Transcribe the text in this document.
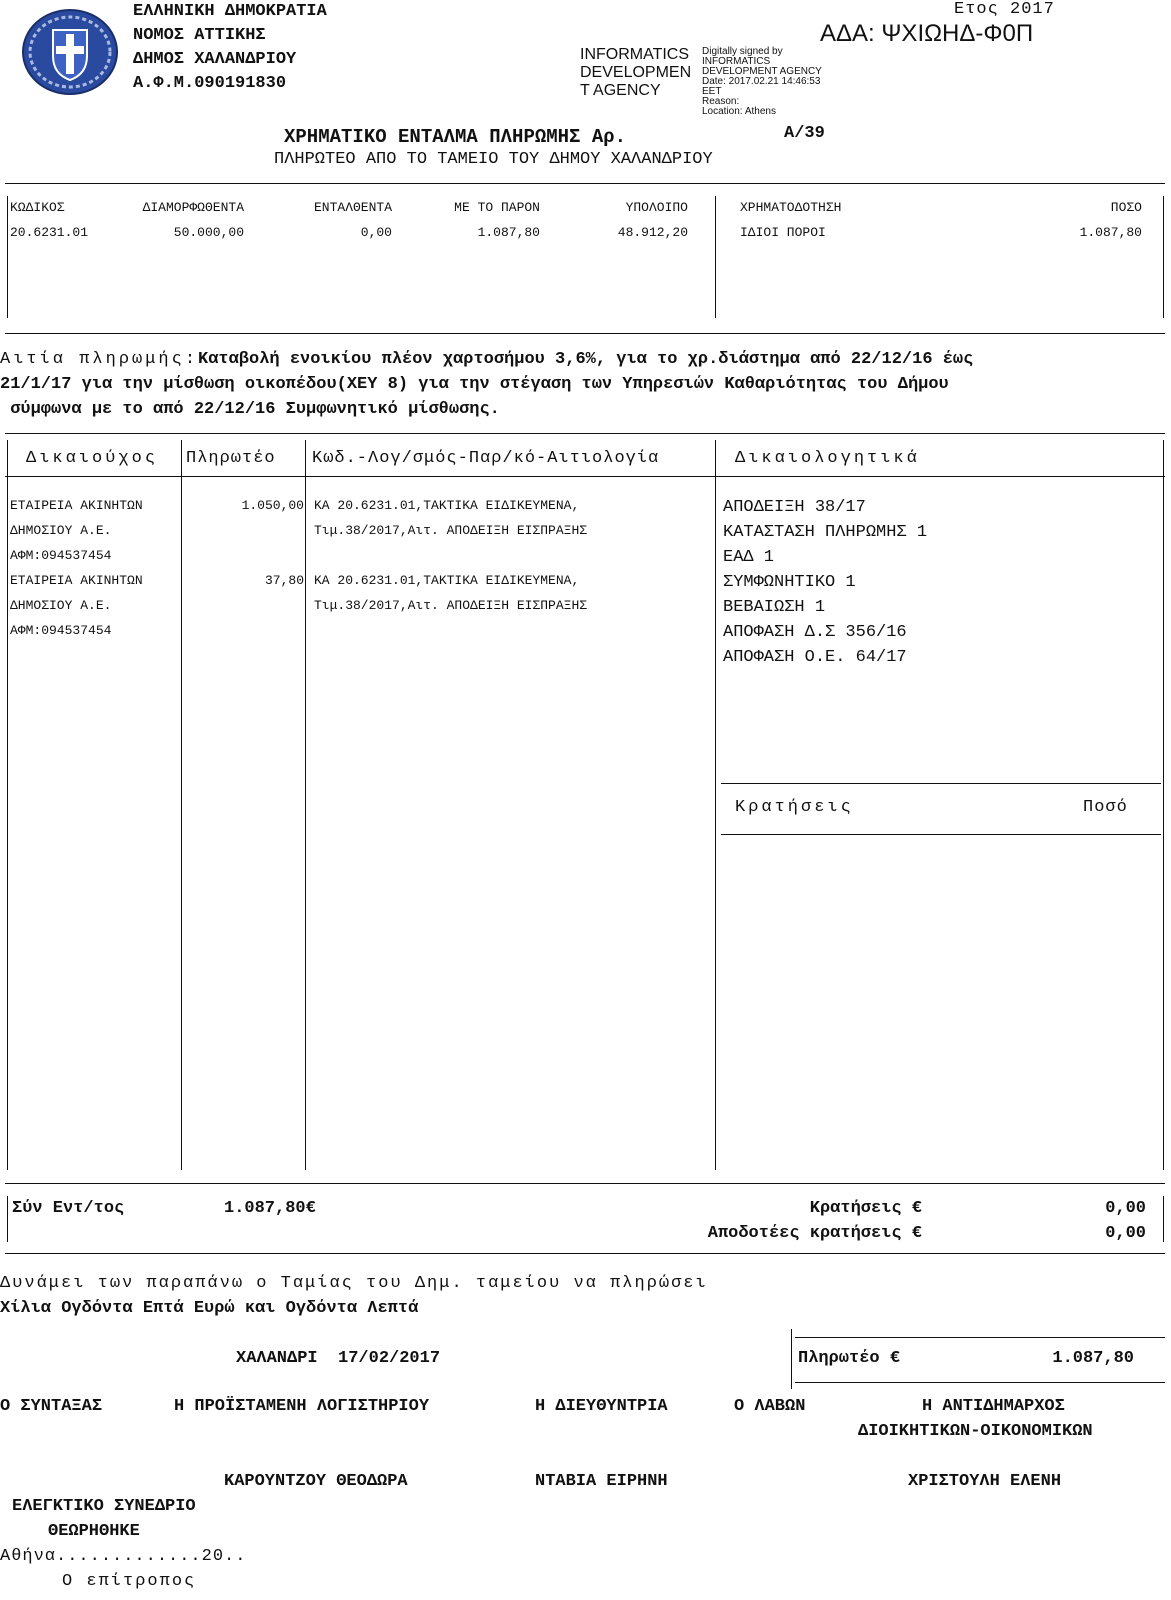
ΕΛΛΗΝΙΚΗ ΔΗΜΟΚΡΑΤΙΑ
ΝΟΜΟΣ ΑΤΤΙΚΗΣ
ΔΗΜΟΣ ΧΑΛΑΝΔΡΙΟΥ
Α.Φ.Μ.090191830
Ετος 2017
ΑΔΑ: ΨΧΙΩΗΔ-Φ0Π
INFORMATICS
DEVELOPMEN
T AGENCY
Digitally signed by
INFORMATICS
DEVELOPMENT AGENCY
Date: 2017.02.21 14:46:53
EET
Reason:
Location: Athens
ΧΡΗΜΑΤΙΚΟ ΕΝΤΑΛΜΑ ΠΛΗΡΩΜΗΣ Αρ.	Α/39
ΠΛΗΡΩΤΕΟ ΑΠΟ ΤΟ ΤΑΜΕΙΟ ΤΟΥ ΔΗΜΟΥ ΧΑΛΑΝΔΡΙΟΥ
ΚΩΔΙΚΟΣ	ΔΙΑΜΟΡΦΩΘΕΝΤΑ	ΕΝΤΑΛΘΕΝΤΑ	ΜΕ ΤΟ ΠΑΡΟΝ	ΥΠΟΛΟΙΠΟ	ΧΡΗΜΑΤΟΔΟΤΗΣΗ	ΠΟΣΟ
20.6231.01	50.000,00	0,00	1.087,80	48.912,20	ΙΔΙΟΙ ΠΟΡΟΙ	1.087,80
Αιτία πληρωμής: Καταβολή ενοικίου πλέον χαρτοσήμου 3,6%, για το χρ.διάστημα από 22/12/16 έως
21/1/17 για την μίσθωση οικοπέδου(ΧΕΥ 8) για την στέγαση των Υπηρεσιών Καθαριότητας του Δήμου
σύμφωνα με το από 22/12/16 Συμφωνητικό μίσθωσης.
Δικαιούχος Πληρωτέο Κωδ.-Λογ/σμός-Παρ/κό-Αιτιολογία	Δικαιολογητικά
ΕΤΑΙΡΕΙΑ ΑΚΙΝΗΤΩΝ	1.050,00 ΚΑ 20.6231.01,ΤΑΚΤΙΚΑ ΕΙΔΙΚΕΥΜΕΝΑ,
ΔΗΜΟΣΙΟΥ Α.Ε.	Τιμ.38/2017,Αιτ. ΑΠΟΔΕΙΞΗ ΕΙΣΠΡΑΞΗΣ
ΑΦΜ:094537454
ΕΤΑΙΡΕΙΑ ΑΚΙΝΗΤΩΝ	37,80 ΚΑ 20.6231.01,ΤΑΚΤΙΚΑ ΕΙΔΙΚΕΥΜΕΝΑ,
ΔΗΜΟΣΙΟΥ Α.Ε.	Τιμ.38/2017,Αιτ. ΑΠΟΔΕΙΞΗ ΕΙΣΠΡΑΞΗΣ
ΑΦΜ:094537454
ΑΠΟΔΕΙΞΗ 38/17
ΚΑΤΑΣΤΑΣΗ ΠΛΗΡΩΜΗΣ 1
ΕΑΔ 1
ΣΥΜΦΩΝΗΤΙΚΟ 1
ΒΕΒΑΙΩΣΗ 1
ΑΠΟΦΑΣΗ Δ.Σ 356/16
ΑΠΟΦΑΣΗ Ο.Ε. 64/17
Κρατήσεις	Ποσό
Σύν Εντ/τος	1.087,80€	Κρατήσεις €	0,00
Αποδοτέες κρατήσεις €	0,00
Δυνάμει των παραπάνω ο Ταμίας του Δημ. ταμείου να πληρώσει
Χίλια Ογδόντα Επτά Ευρώ και Ογδόντα Λεπτά
ΧΑΛΑΝΔΡΙ  17/02/2017	Πληρωτέο €	1.087,80
Ο ΣΥΝΤΑΞΑΣ	Η ΠΡΟΪΣΤΑΜΕΝΗ ΛΟΓΙΣΤΗΡΙΟΥ	Η ΔΙΕΥΘΥΝΤΡΙΑ	Ο ΛΑΒΩΝ	Η ΑΝΤΙΔΗΜΑΡΧΟΣ
ΔΙΟΙΚΗΤΙΚΩΝ-ΟΙΚΟΝΟΜΙΚΩΝ
ΚΑΡΟΥΝΤΖΟΥ ΘΕΟΔΩΡΑ	ΝΤΑΒΙΑ ΕΙΡΗΝΗ	ΧΡΙΣΤΟΥΛΗ ΕΛΕΝΗ
ΕΛΕΓΚΤΙΚΟ ΣΥΝΕΔΡΙΟ
ΘΕΩΡΗΘΗΚΕ
Αθήνα.............20..
Ο επίτροπος
